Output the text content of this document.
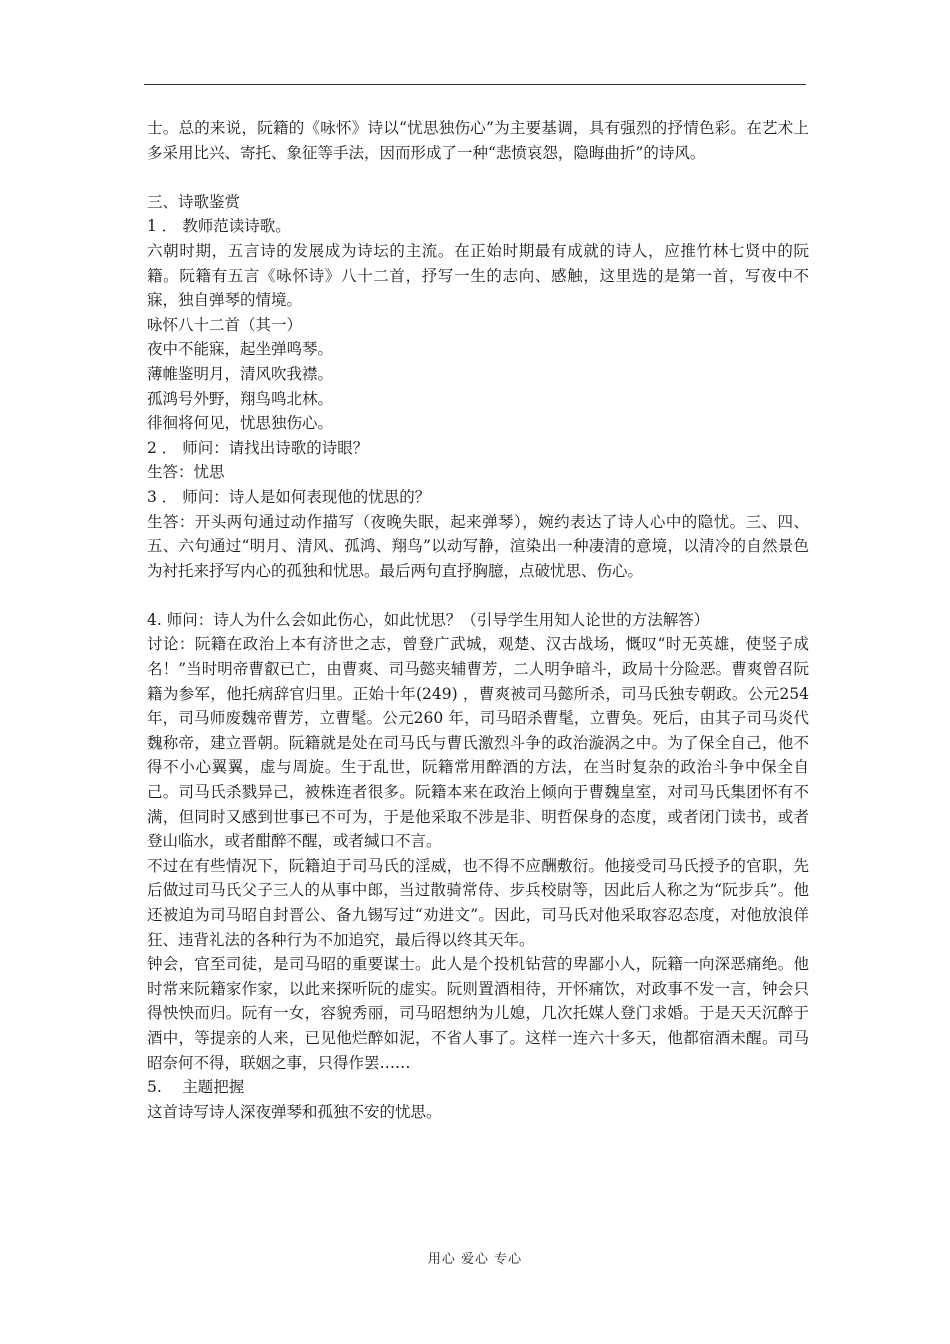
士。总的来说，阮籍的《咏怀》诗以“忧思独伤心”为主要基调，具有强烈的抒情色彩。在艺术上多采用比兴、寄托、象征等手法，因而形成了一种“悲愤哀怨，隐晦曲折”的诗风。

三、诗歌鉴赏

1 ． 教师范读诗歌。

六朝时期，五言诗的发展成为诗坛的主流。在正始时期最有成就的诗人，应推竹林七贤中的阮籍。阮籍有五言《咏怀诗》八十二首，抒写一生的志向、感触，这里选的是第一首，写夜中不寐，独自弹琴的情境。

咏怀八十二首（其一）

夜中不能寐，起坐弹鸣琴。

薄帷鉴明月，清风吹我襟。

孤鸿号外野，翔鸟鸣北林。

徘徊将何见，忧思独伤心。

2 ． 师问：请找出诗歌的诗眼？

生答：忧思

3 ． 师问：诗人是如何表现他的忧思的？

生答：开头两句通过动作描写（夜晚失眠，起来弹琴），婉约表达了诗人心中的隐忧。三、四、五、六句通过“明月、清风、孤鸿、翔鸟”以动写静，渲染出一种凄清的意境，以清冷的自然景色为衬托来抒写内心的孤独和忧思。最后两句直抒胸臆，点破忧思、伤心。

4. 师问：诗人为什么会如此伤心，如此忧思？（引导学生用知人论世的方法解答）

讨论：阮籍在政治上本有济世之志，曾登广武城，观楚、汉古战场，慨叹“时无英雄，使竖子成名！”当时明帝曹叡已亡，由曹爽、司马懿夹辅曹芳，二人明争暗斗，政局十分险恶。曹爽曾召阮籍为参军，他托病辞官归里。正始十年(249) ，曹爽被司马懿所杀，司马氏独专朝政。公元254 年，司马师废魏帝曹芳，立曹髦。公元260 年，司马昭杀曹髦，立曹奂。死后，由其子司马炎代魏称帝，建立晋朝。阮籍就是处在司马氏与曹氏激烈斗争的政治漩涡之中。为了保全自己，他不得不小心翼翼，虚与周旋。生于乱世，阮籍常用醉酒的方法，在当时复杂的政治斗争中保全自己。司马氏杀戮异己，被株连者很多。阮籍本来在政治上倾向于曹魏皇室，对司马氏集团怀有不满，但同时又感到世事已不可为，于是他采取不涉是非、明哲保身的态度，或者闭门读书，或者登山临水，或者酣醉不醒，或者缄口不言。

不过在有些情况下，阮籍迫于司马氏的淫威，也不得不应酬敷衍。他接受司马氏授予的官职，先后做过司马氏父子三人的从事中郎，当过散骑常侍、步兵校尉等，因此后人称之为“阮步兵”。他还被迫为司马昭自封晋公、备九锡写过“劝进文”。因此，司马氏对他采取容忍态度，对他放浪佯狂、违背礼法的各种行为不加追究，最后得以终其天年。

钟会，官至司徒，是司马昭的重要谋士。此人是个投机钻营的卑鄙小人，阮籍一向深恶痛绝。他时常来阮籍家作家，以此来探听阮的虚实。阮则置酒相待，开怀痛饮，对政事不发一言，钟会只得怏怏而归。阮有一女，容貌秀丽，司马昭想纳为儿媳，几次托媒人登门求婚。于是天天沉醉于酒中，等提亲的人来，已见他烂醉如泥，不省人事了。这样一连六十多天，他都宿酒未醒。司马昭奈何不得，联姻之事，只得作罢……

5.　 主题把握

这首诗写诗人深夜弹琴和孤独不安的忧思。

用心 爱心 专心
